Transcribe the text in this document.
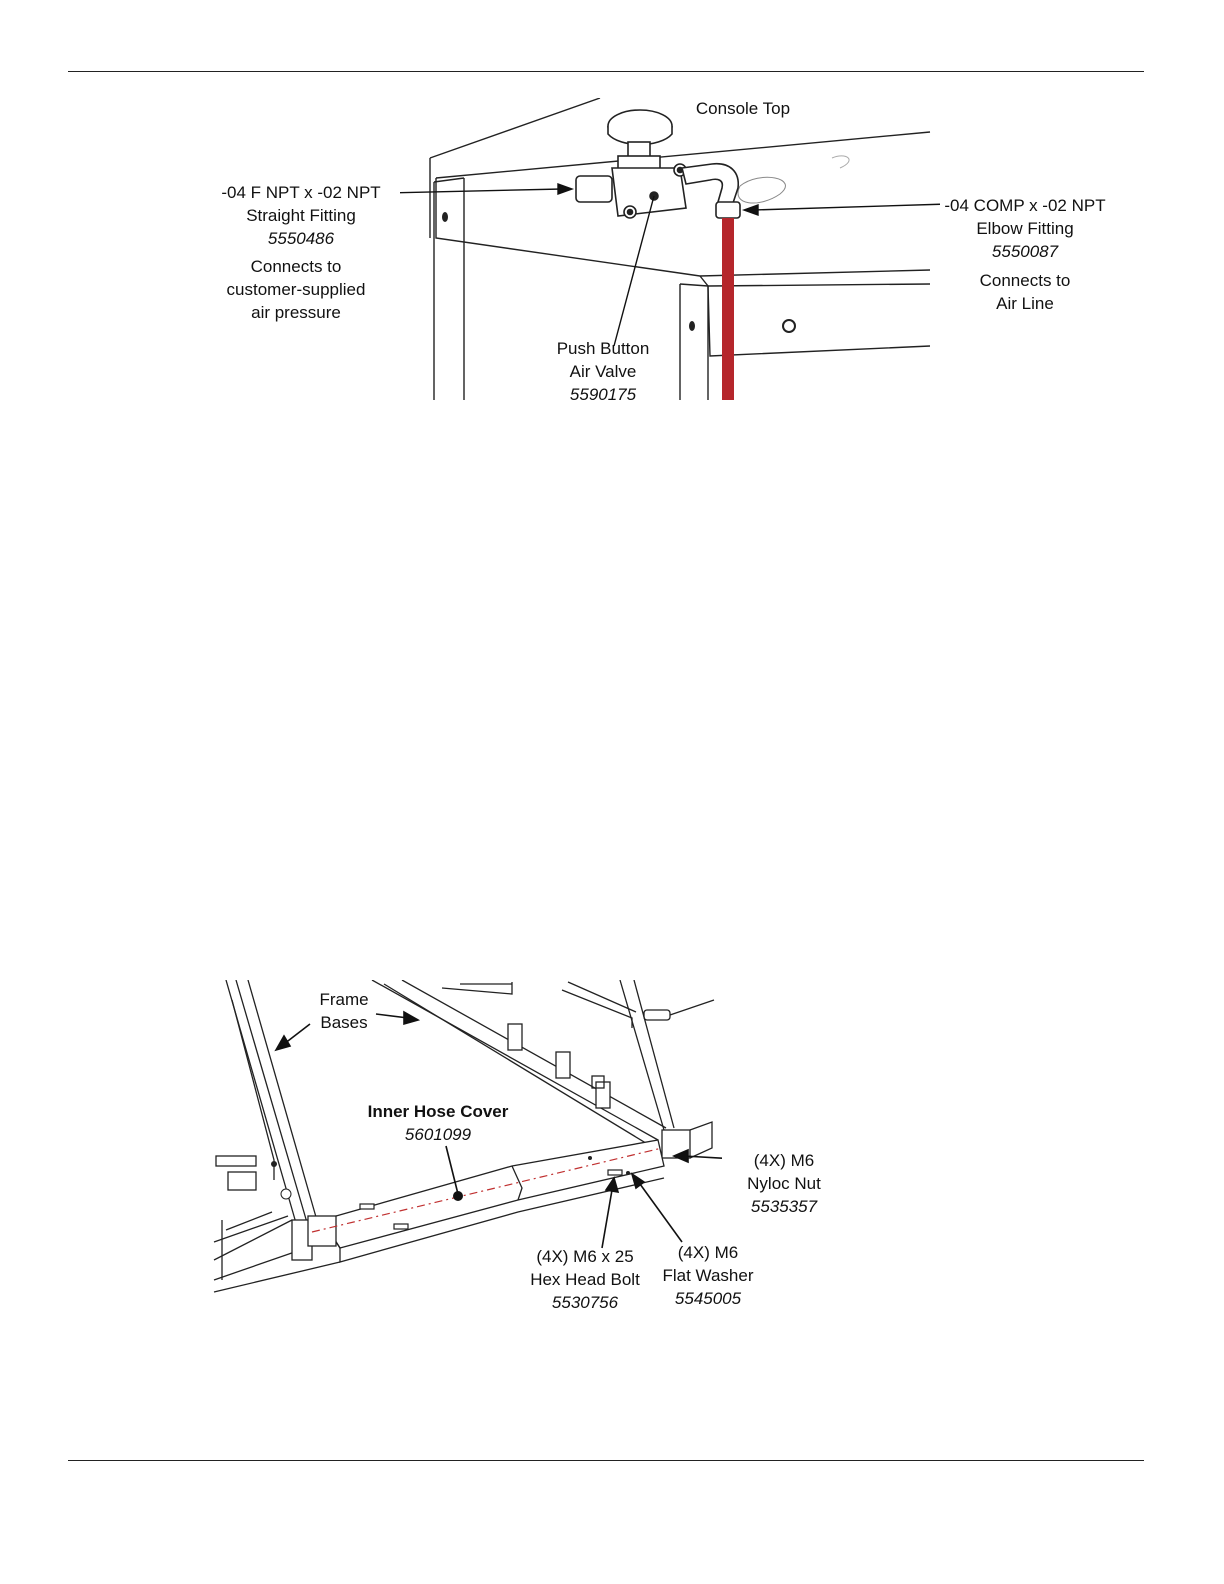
Console Top
-04 F NPT x -02 NPT
Straight Fitting
5550486
Connects to
customer-supplied
air pressure
Push Button
Air Valve
5590175
-04 COMP x -02 NPT
Elbow Fitting
5550087
Connects to
Air Line
Frame
Bases
Inner Hose Cover
5601099
(4X) M6
Nyloc Nut
5535357
(4X) M6 x 25
Hex Head Bolt
5530756
(4X) M6
Flat Washer
5545005
